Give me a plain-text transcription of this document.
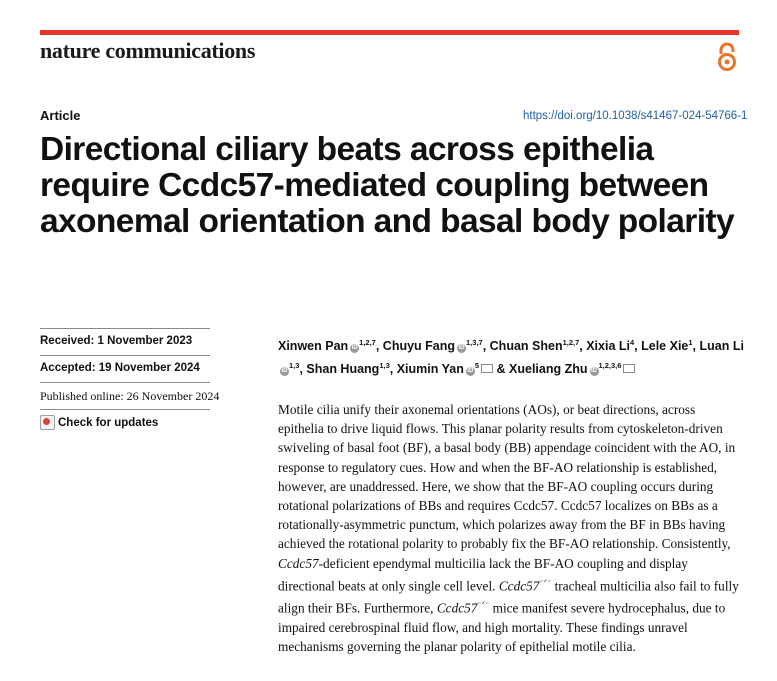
nature communications
Article	https://doi.org/10.1038/s41467-024-54766-1
Directional ciliary beats across epithelia require Ccdc57-mediated coupling between axonemal orientation and basal body polarity
Received: 1 November 2023
Accepted: 19 November 2024
Published online: 26 November 2024
Check for updates

Xinwen Pan iD$^{1,2,7}$, Chuyu Fang iD$^{1,3,7}$, Chuan Shen$^{1,2,7}$, Xixia Li$^4$, Lele Xie$^1$, Luan LiiD$^{1,3}$, Shan Huang$^{1,3}$, Xiumin Yan $iD^5$ & Xueliang Zhu iD$^{1,2,3,6}$

Motile cilia unify their axonemal orientations (AOs), or beat directions, across epithelia to drive liquid flows. This planar polarity results from cytoskeleton-driven swiveling of basal foot (BF), a basal body (BB) appendage coincident with the AO, in response to regulatory cues. How and when the BF-AO relationship is established, however, are unaddressed. Here, we show that the BF-AO coupling occurs during rotational polarizations of BBs and requires Ccdc57. Ccdc57 localizes on BBs as a rotationally-asymmetric punctum, which polarizes away from the BF in BBs having achieved the rotational polarity to probably fix the BF-AO relationship. Consistently, Ccdc57-deficient ependymal multicilia lack the BF-AO coupling and display directional beats at only single cell level. $Ccdc57^{^-ᐟ^-}$ tracheal multicilia also fail to fully align their BFs. Furthermore, $Ccdc57^{^-ᐟ^-}$ mice manifest severe hydrocephalus, due to impaired cerebrospinal fluid flow, and high mortality. These findings unravel mechanisms governing the planar polarity of epithelial motile cilia.
